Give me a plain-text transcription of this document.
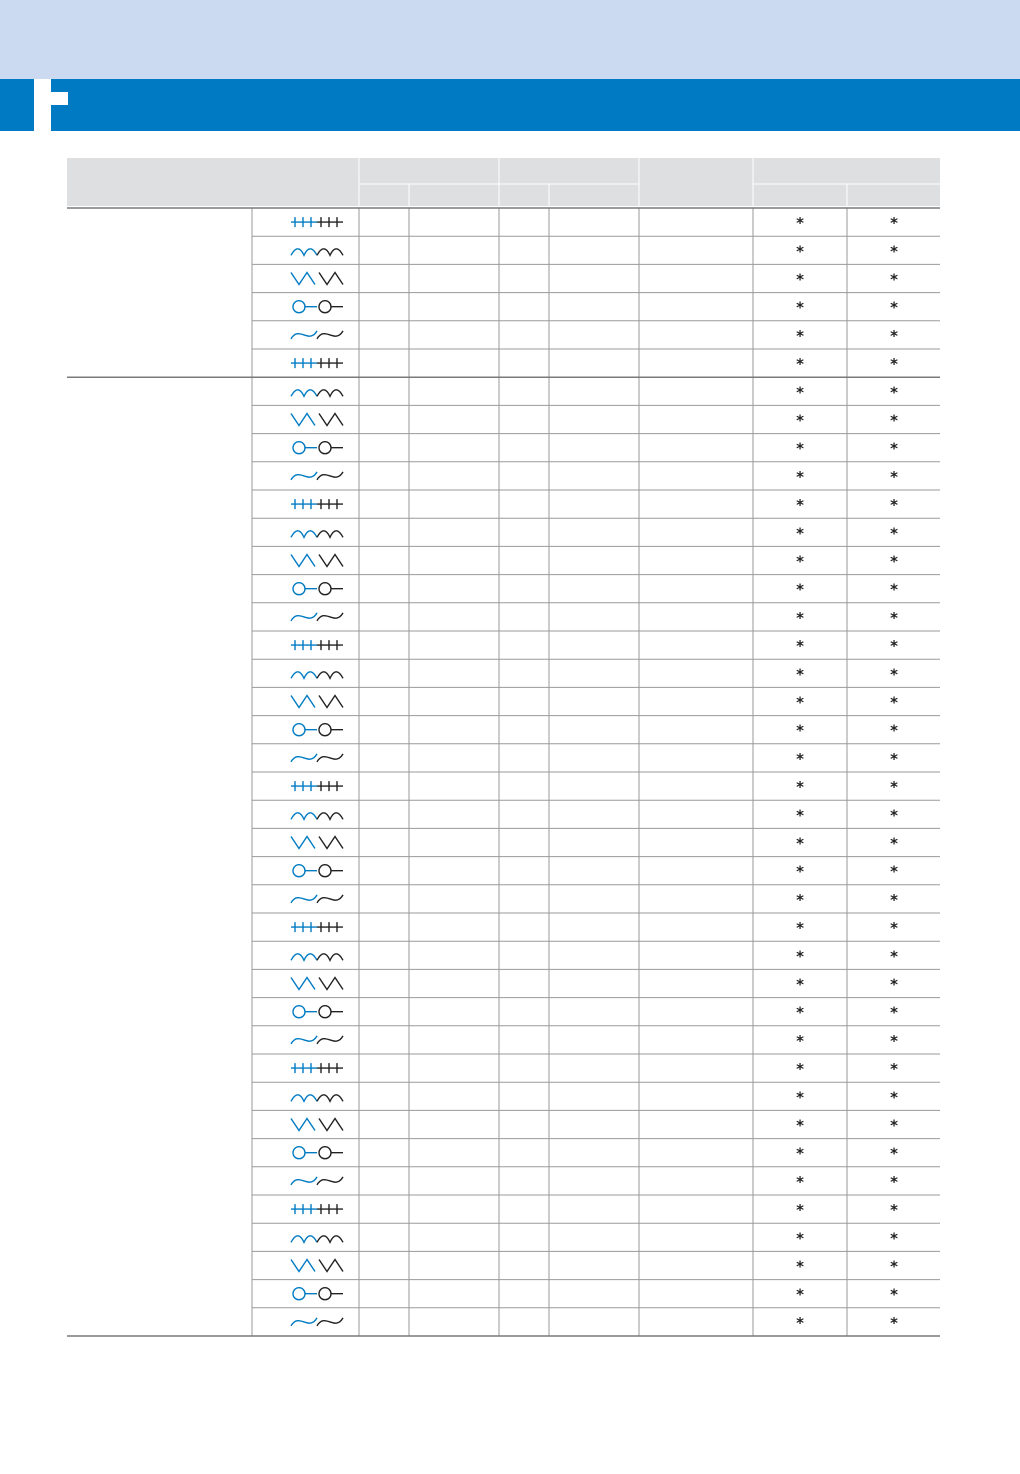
*	*
*	*
*	*
*	*
*	*
*	*
*	*
*	*
*	*
*	*
*	*
*	*
*	*
*	*
*	*
*	*
*	*
*	*
*	*
*	*
*	*
*	*
*	*
*	*
*	*
*	*
*	*
*	*
*	*
*	*
*	*
*	*
*	*
*	*
*	*
*	*
*	*
*	*
*	*
*	*
